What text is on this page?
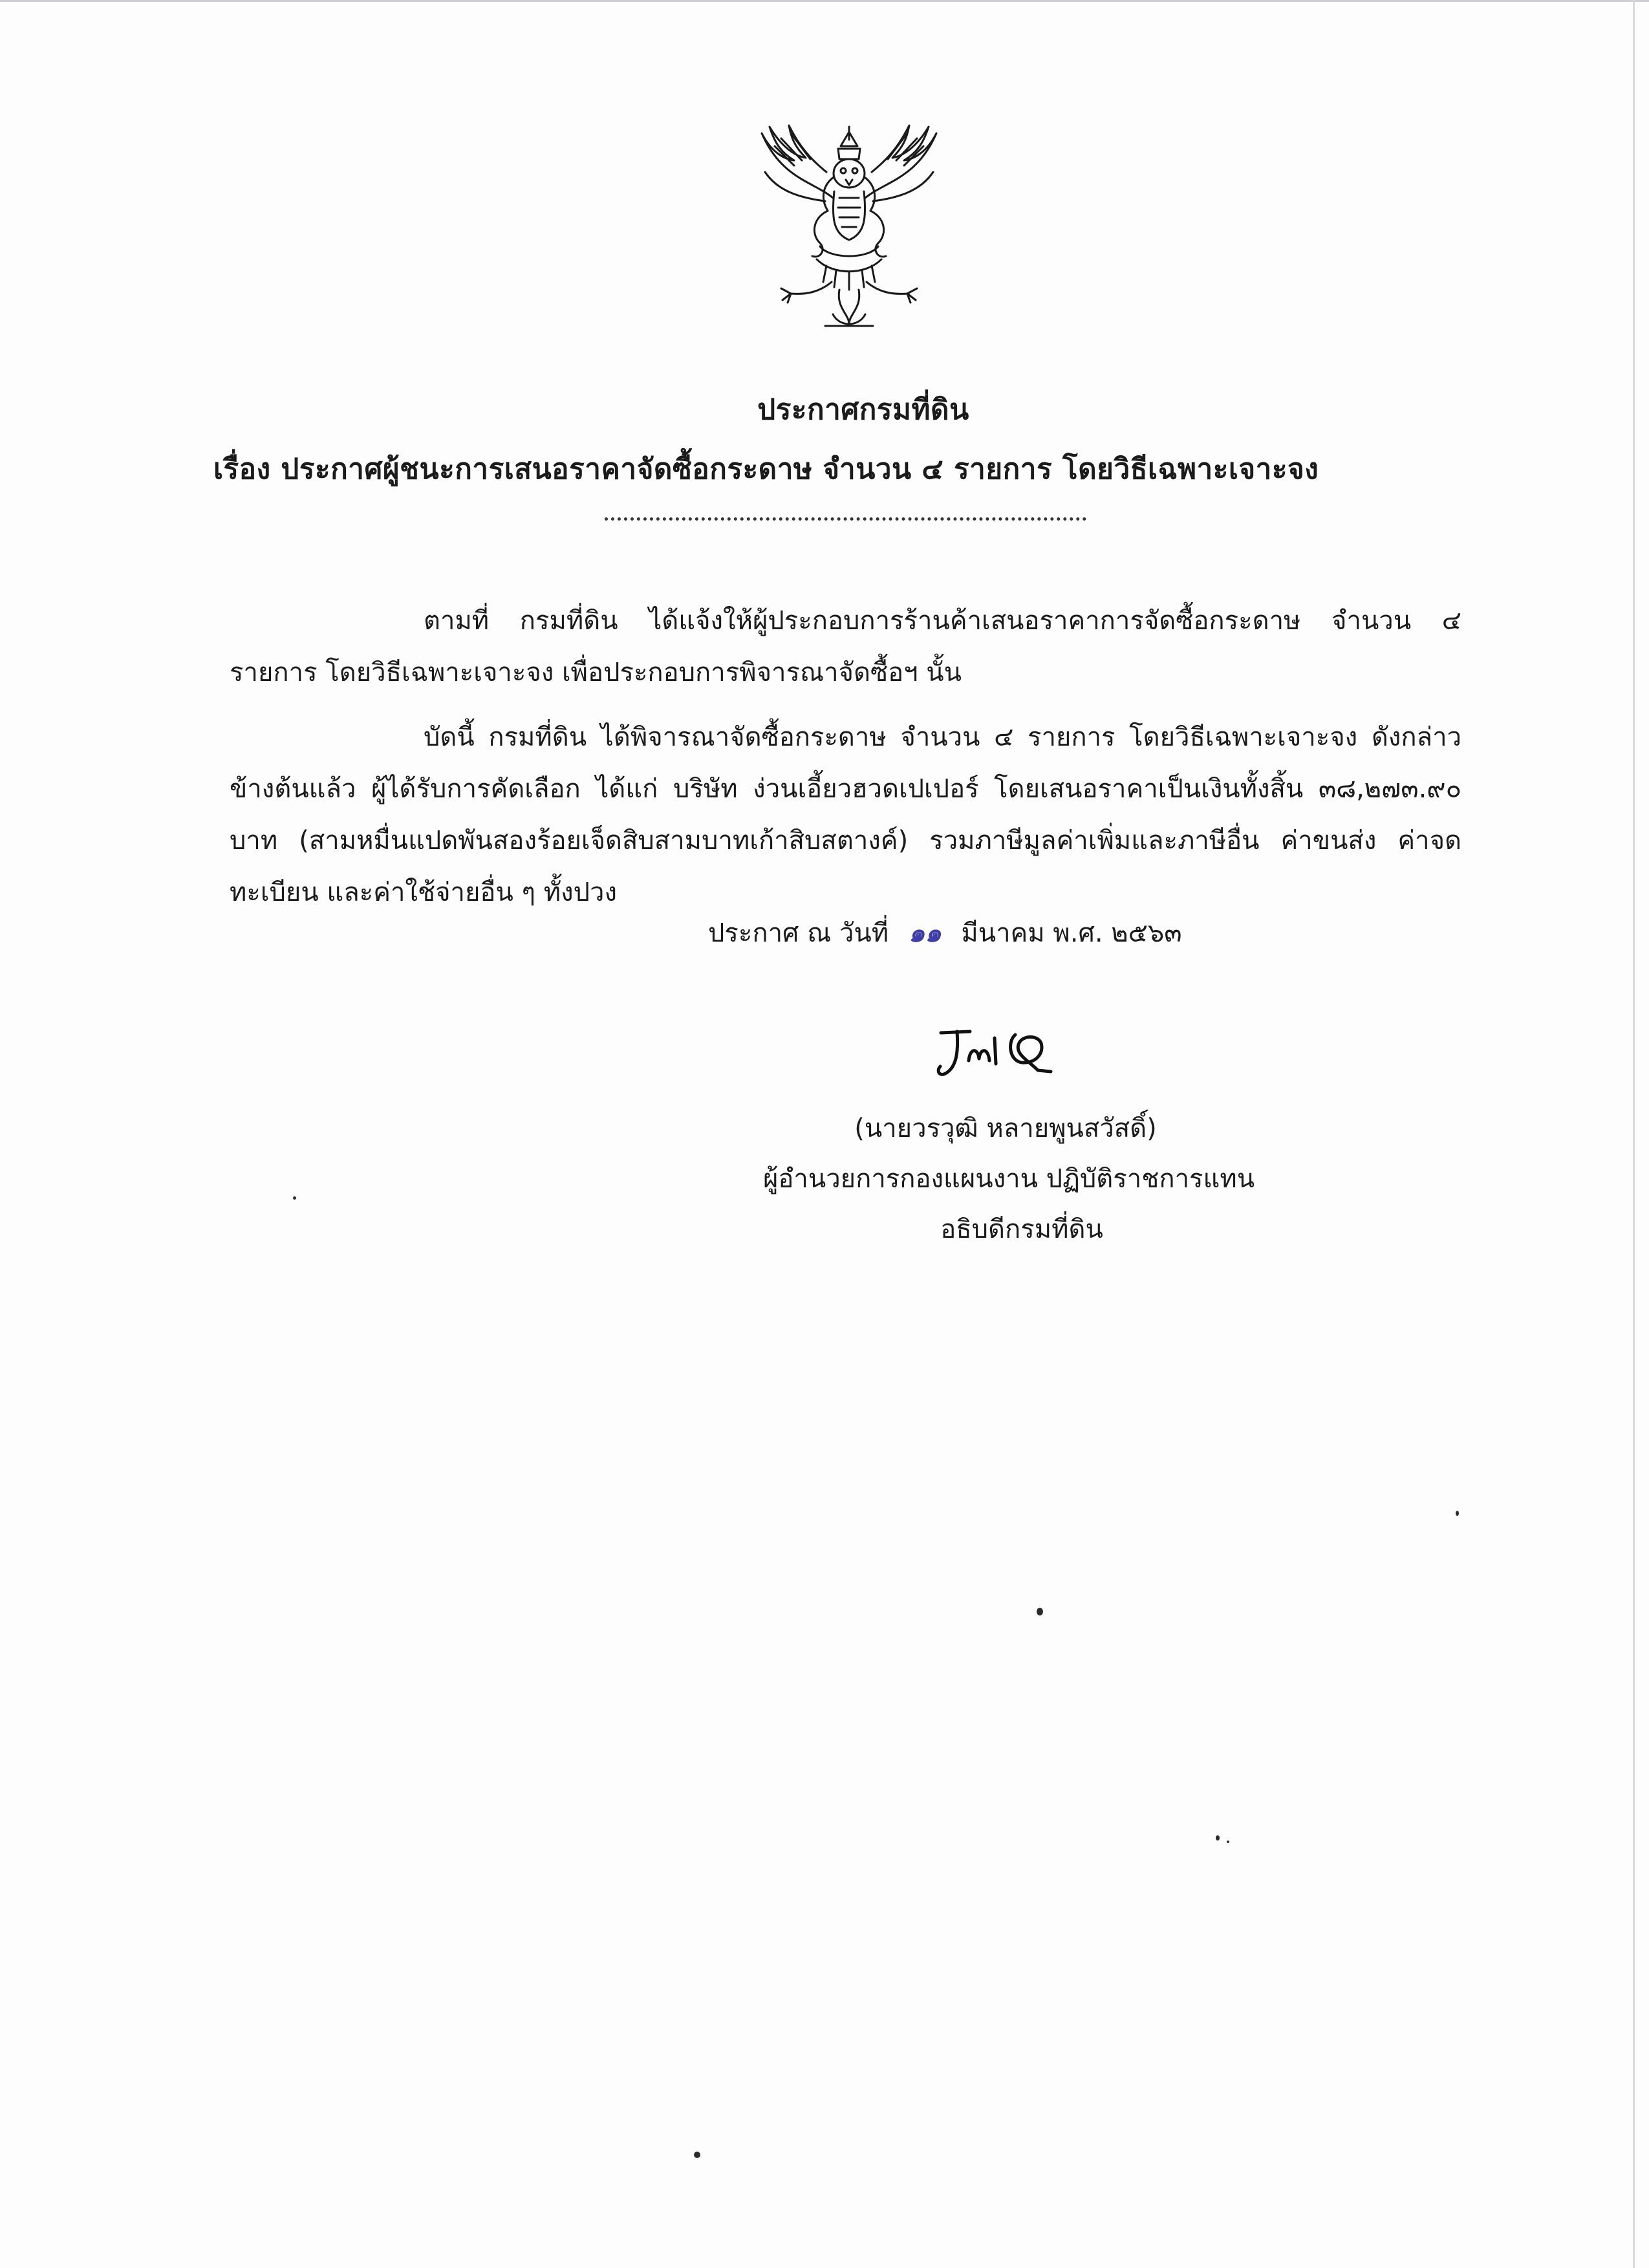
ประกาศกรมที่ดิน
เรื่อง ประกาศผู้ชนะการเสนอราคาจัดซื้อกระดาษ จำนวน ๔ รายการ โดยวิธีเฉพาะเจาะจง

ตามที่ กรมที่ดิน ได้แจ้งให้ผู้ประกอบการร้านค้าเสนอราคาการจัดซื้อกระดาษ จำนวน ๔ รายการ โดยวิธีเฉพาะเจาะจง เพื่อประกอบการพิจารณาจัดซื้อฯ นั้น

บัดนี้ กรมที่ดิน ได้พิจารณาจัดซื้อกระดาษ จำนวน ๔ รายการ โดยวิธีเฉพาะเจาะจง ดังกล่าวข้างต้นแล้ว ผู้ได้รับการคัดเลือก ได้แก่ บริษัท ง่วนเอี้ยวฮวดเปเปอร์ โดยเสนอราคาเป็นเงินทั้งสิ้น ๓๘,๒๗๓.๙๐ บาท (สามหมื่นแปดพันสองร้อยเจ็ดสิบสามบาทเก้าสิบสตางค์) รวมภาษีมูลค่าเพิ่มและภาษีอื่น ค่าขนส่ง ค่าจดทะเบียน และค่าใช้จ่ายอื่น ๆ ทั้งปวง

ประกาศ ณ วันที่ ๑๑ มีนาคม พ.ศ. ๒๕๖๓
(นายวรวุฒิ หลายพูนสวัสดิ์)
ผู้อำนวยการกองแผนงาน ปฏิบัติราชการแทน
อธิบดีกรมที่ดิน
